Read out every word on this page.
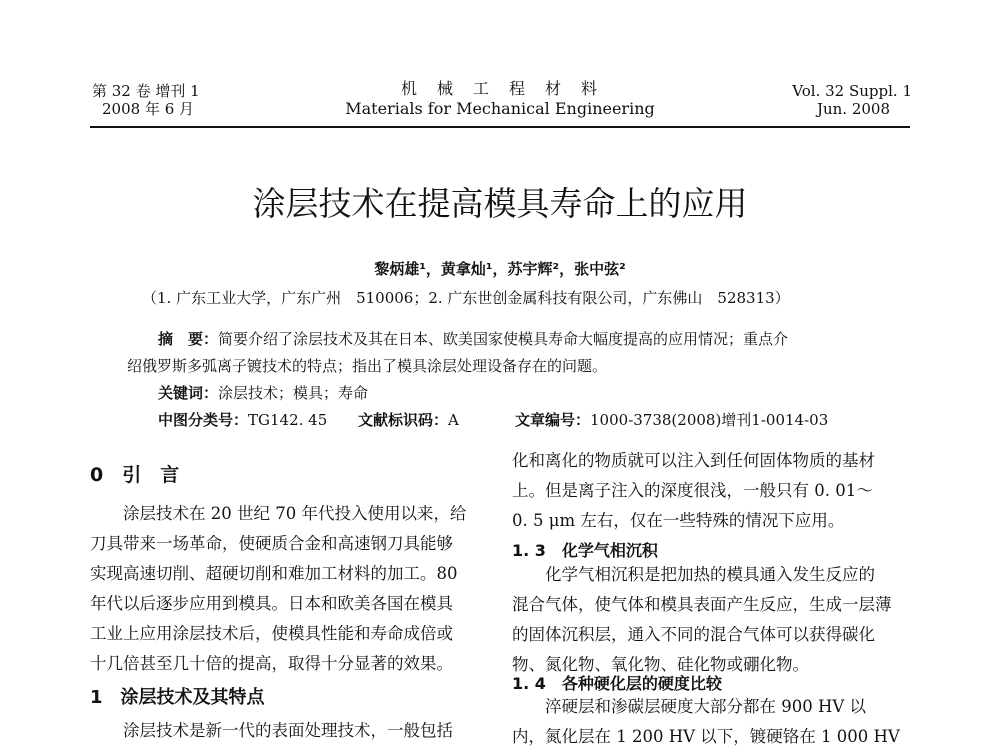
第 32 卷 增刊 1
2008 年 6 月
机　械　工　程　材　料
Materials for Mechanical Engineering
Vol. 32 Suppl. 1
Jun. 2008
涂层技术在提高模具寿命上的应用
黎炳雄¹，黄拿灿¹，苏宇辉²，张中弦²
（1. 广东工业大学，广东广州　510006；2. 广东世创金属科技有限公司，广东佛山　528313）
摘　要：简要介绍了涂层技术及其在日本、欧美国家使模具寿命大幅度提高的应用情况；重点介
绍俄罗斯多弧离子镀技术的特点；指出了模具涂层处理设备存在的问题。
关键词：涂层技术；模具；寿命
中图分类号：TG142. 45 文献标识码：A	文章编号：1000-3738(2008)增刊1-0014-03
0　引　言
　　涂层技术在 20 世纪 70 年代投入使用以来，给
刀具带来一场革命，使硬质合金和高速钢刀具能够
实现高速切削、超硬切削和难加工材料的加工。80
年代以后逐步应用到模具。日本和欧美各国在模具
工业上应用涂层技术后，使模具性能和寿命成倍或
十几倍甚至几十倍的提高，取得十分显著的效果。
1　涂层技术及其特点
　　涂层技术是新一代的表面处理技术，一般包括
化和离化的物质就可以注入到任何固体物质的基材
上。但是离子注入的深度很浅，一般只有 0. 01～
0. 5 μm 左右，仅在一些特殊的情况下应用。
1. 3　化学气相沉积
　　化学气相沉积是把加热的模具通入发生反应的
混合气体，使气体和模具表面产生反应，生成一层薄
的固体沉积层，通入不同的混合气体可以获得碳化
物、氮化物、氧化物、硅化物或硼化物。
1. 4　各种硬化层的硬度比较
　　淬硬层和渗碳层硬度大部分都在 900 HV 以
内，氮化层在 1 200 HV 以下，镀硬铬在 1 000 HV
